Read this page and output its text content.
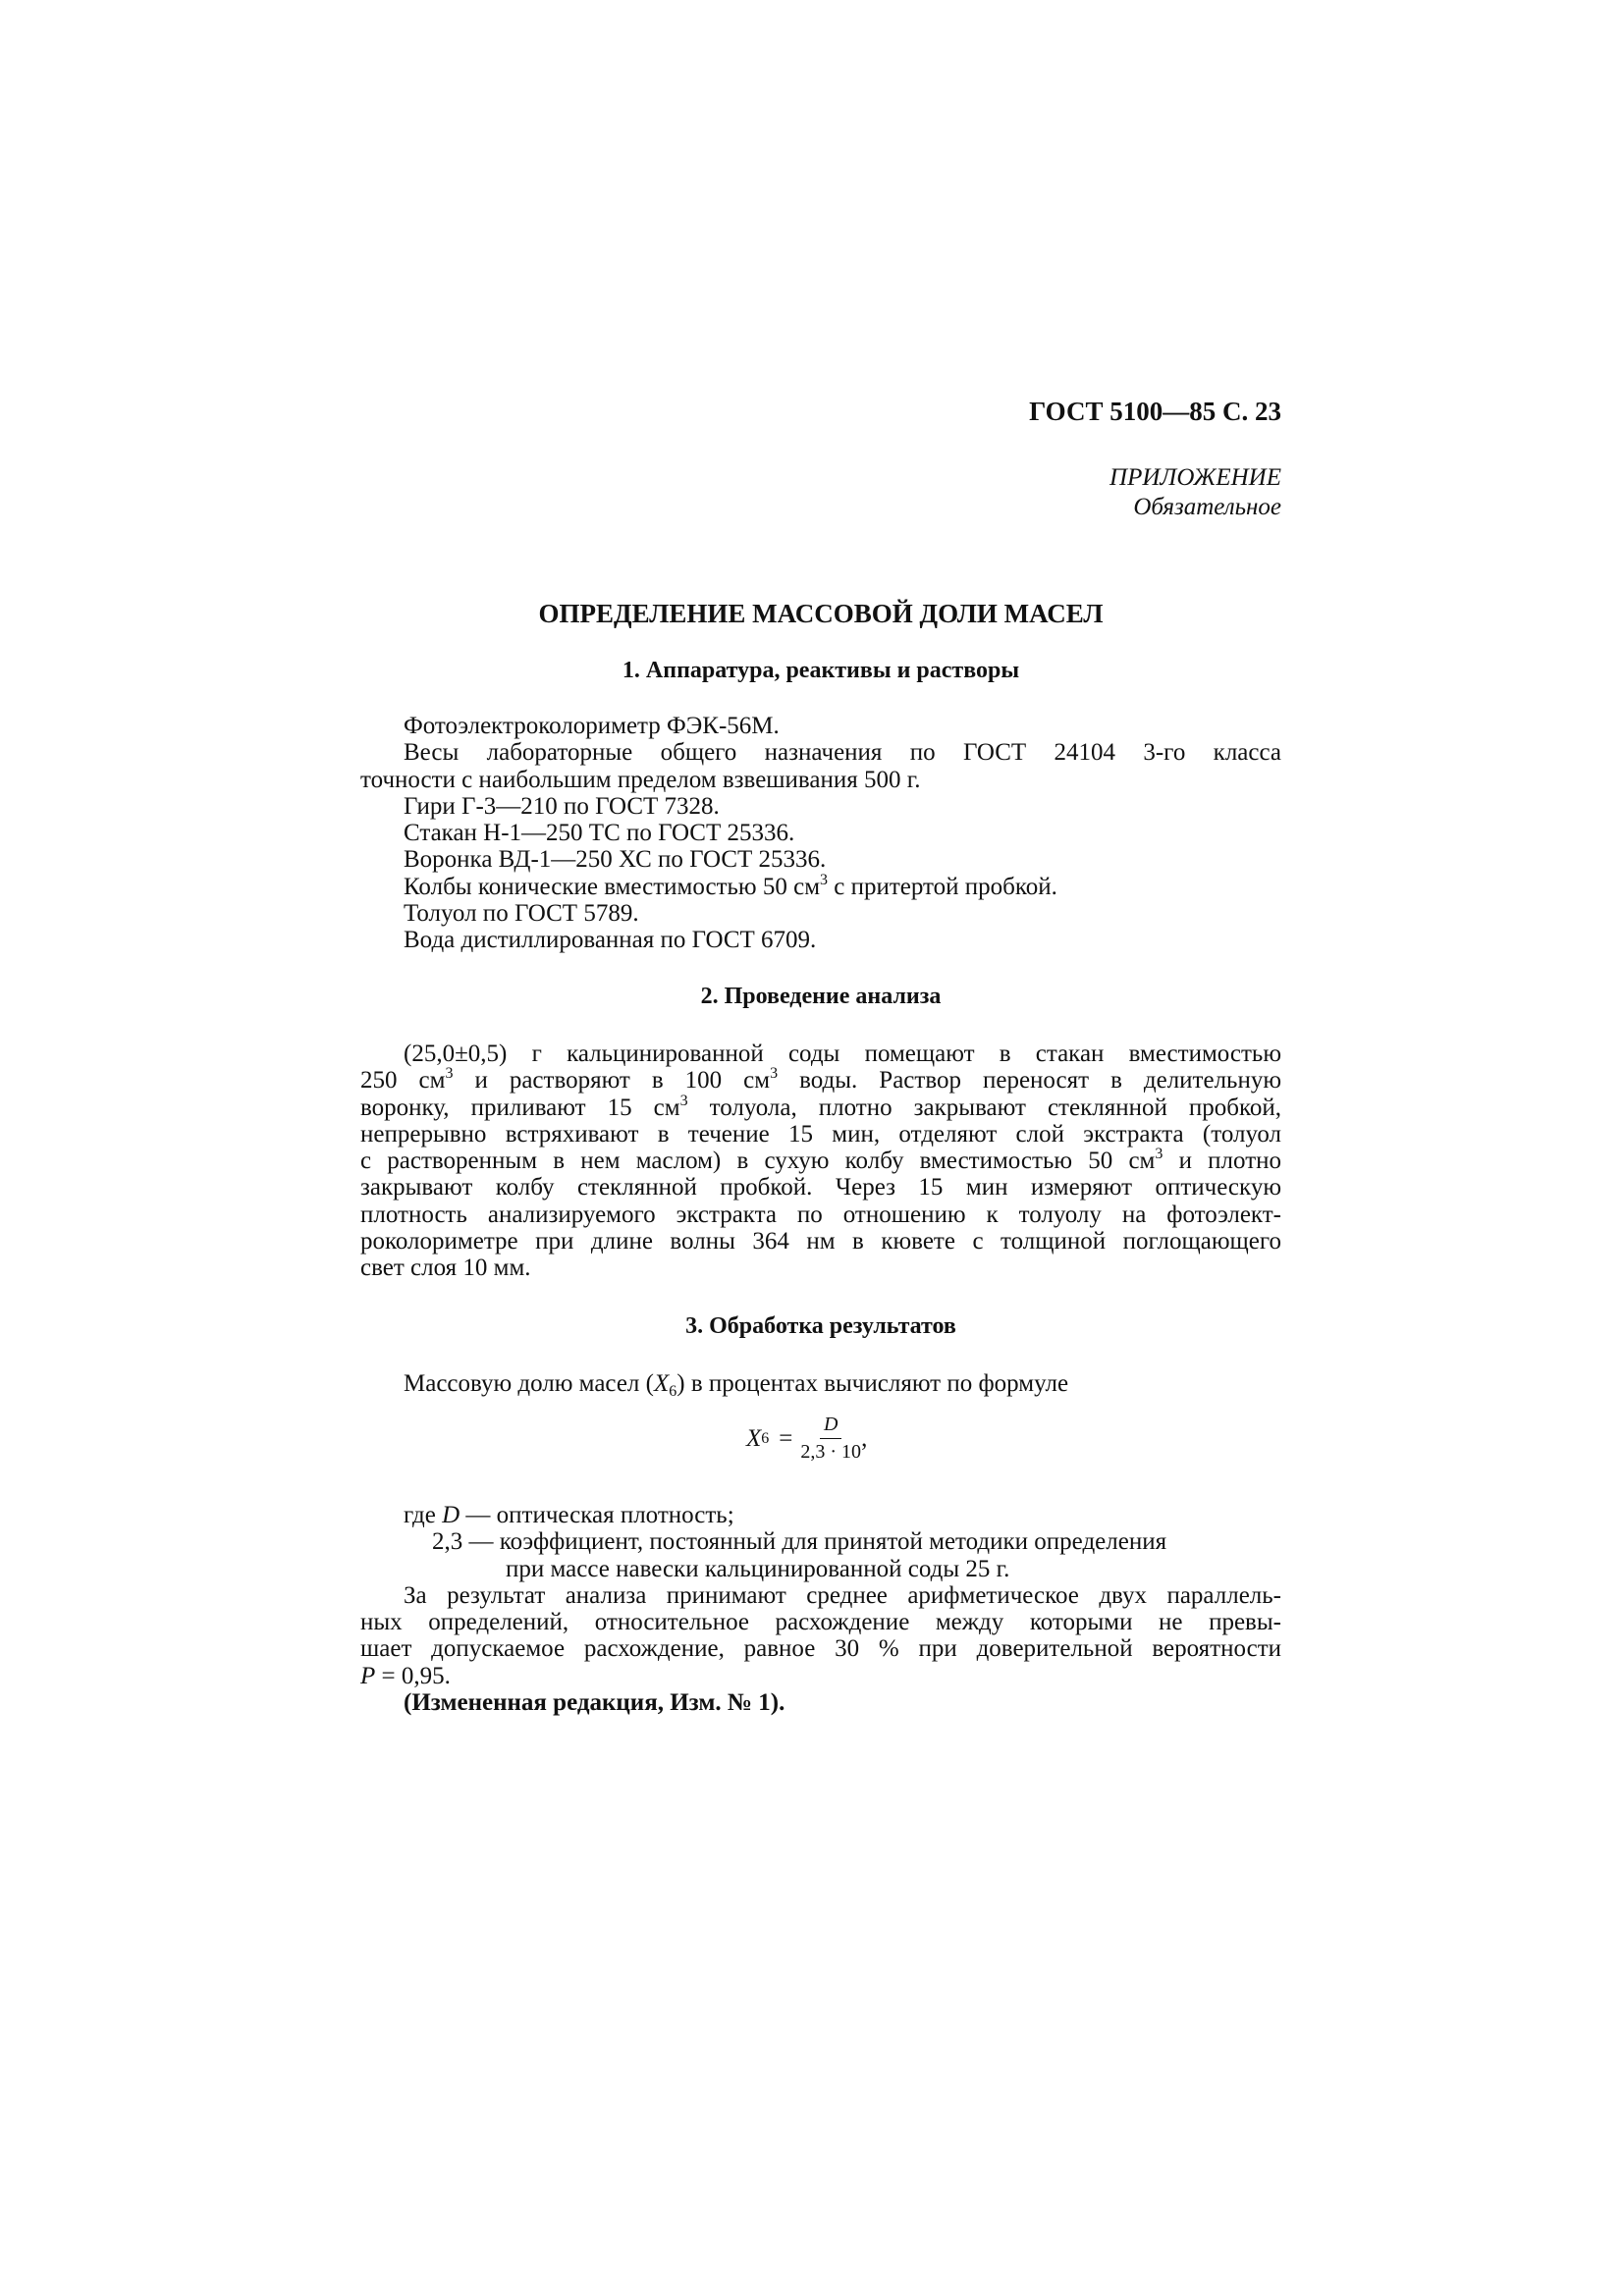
ГОСТ 5100—85 С. 23
ПРИЛОЖЕНИЕ
Обязательное
ОПРЕДЕЛЕНИЕ МАССОВОЙ ДОЛИ МАСЕЛ
1. Аппаратура, реактивы и растворы
Фотоэлектроколориметр ФЭК-56М.
Весы лабораторные общего назначения по ГОСТ 24104 3-го класса
точности с наибольшим пределом взвешивания 500 г.
Гири Г-3—210 по ГОСТ 7328.
Стакан Н-1—250 ТС по ГОСТ 25336.
Воронка ВД-1—250 ХС по ГОСТ 25336.
Колбы конические вместимостью 50 $см^3$ с притертой пробкой.
Толуол по ГОСТ 5789.
Вода дистиллированная по ГОСТ 6709.
2. Проведение анализа
(25,0±0,5) г кальцинированной соды помещают в стакан вместимостью
250 $см^3$ и растворяют в 100 $см^3$ воды. Раствор переносят в делительную
воронку, приливают 15 $см^3$ толуола, плотно закрывают стеклянной пробкой,
непрерывно встряхивают в течение 15 мин, отделяют слой экстракта (толуол
с растворенным в нем маслом) в сухую колбу вместимостью 50 $см^3$ и плотно
закрывают колбу стеклянной пробкой. Через 15 мин измеряют оптическую
плотность анализируемого экстракта по отношению к толуолу на фотоэлект-
роколориметре при длине волны 364 нм в кювете с толщиной поглощающего
свет слоя 10 мм.
3. Обработка результатов
Массовую долю масел $(X_6)$ в процентах вычисляют по формуле
X $6 = \frac{D}{2,3 \cdot 10}$ ,
где D — оптическая плотность;
2,3 — коэффициент, постоянный для принятой методики определения
при массе навески кальцинированной соды 25 г.
За результат анализа принимают среднее арифметическое двух параллель-
ных определений, относительное расхождение между которыми не превы-
шает допускаемое расхождение, равное 30 % при доверительной вероятности
P = 0,95.
(Измененная редакция, Изм. № 1).
